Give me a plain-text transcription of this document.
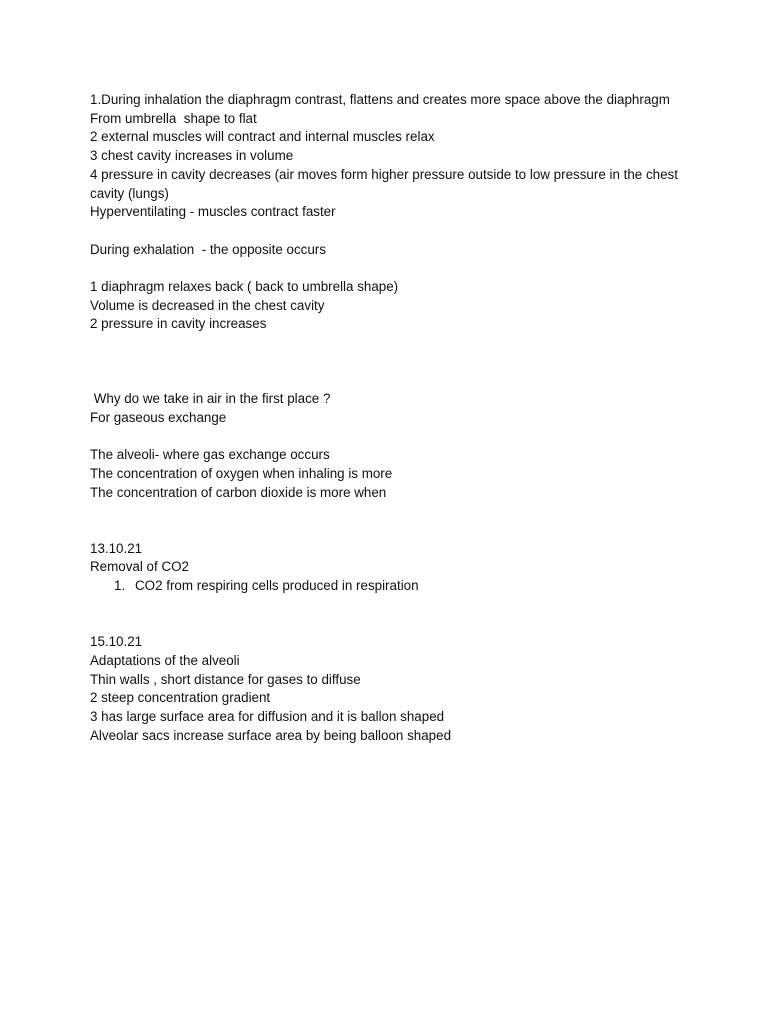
1.During inhalation the diaphragm contrast, flattens and creates more space above the diaphragm
From umbrella  shape to flat
2 external muscles will contract and internal muscles relax
3 chest cavity increases in volume
4 pressure in cavity decreases (air moves form higher pressure outside to low pressure in the chest cavity (lungs)
Hyperventilating - muscles contract faster
During exhalation  - the opposite occurs
1 diaphragm relaxes back ( back to umbrella shape)
Volume is decreased in the chest cavity
2 pressure in cavity increases
Why do we take in air in the first place ?
For gaseous exchange
The alveoli- where gas exchange occurs
The concentration of oxygen when inhaling is more
The concentration of carbon dioxide is more when
13.10.21
Removal of CO2
1. CO2 from respiring cells produced in respiration
15.10.21
Adaptations of the alveoli
Thin walls , short distance for gases to diffuse
2 steep concentration gradient
3 has large surface area for diffusion and it is ballon shaped
Alveolar sacs increase surface area by being balloon shaped
